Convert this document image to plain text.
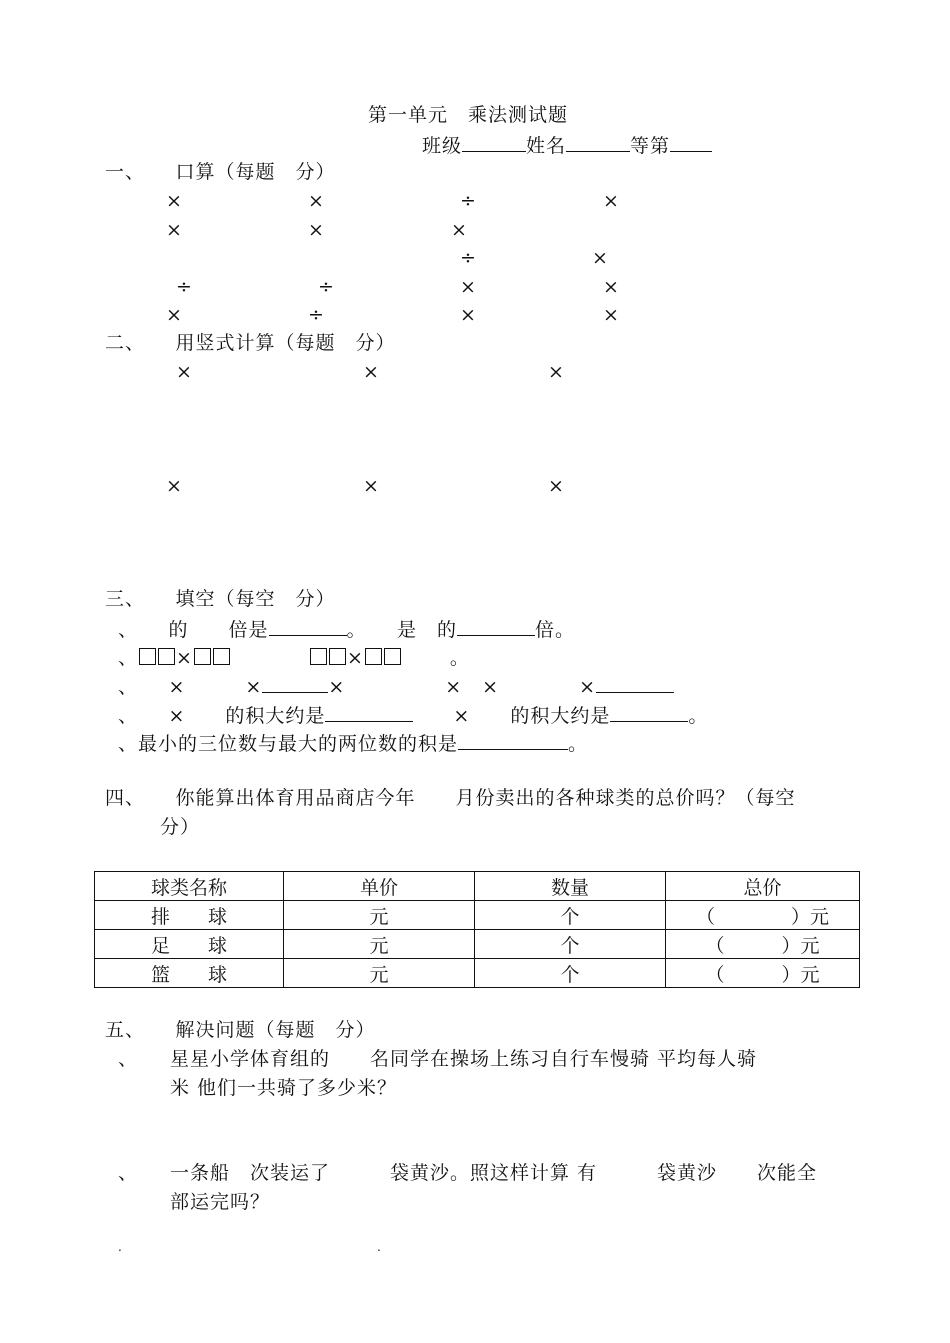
第一单元　乘法测试题
班级	姓名	等第
一、　　口算（每题　分）
×	×	÷	×
×	×	×
÷	×
÷	÷	×	×
×	÷	×	×
二、　　用竖式计算（每题　分）
×	×	×
×	×	×
三、　　填空（每空　分）
、　　的　　倍是	。　　是　的	倍。
、 ×	×	。
、　　×　　　×	×　　　　　×　×　　　　×
、　　×　　的积大约是	　　×　　的积大约是	。
、最小的三位数与最大的两位数的积是	。
四、　　你能算出体育用品商店今年　　月份卖出的各种球类的总价吗？（每空
分）
球类名称	单价	数量	总价
排　　球	元	个	（　　　　）元
足　　球	元	个	（　　　）元
篮　　球	元	个	（　　　）元
五、　　解决问题（每题　分）
、 星星小学体育组的　　名同学在操场上练习自行车慢骑 平均每人骑
米 他们一共骑了多少米？
、 一条船　次装运了　　　袋黄沙。照这样计算 有　　　袋黄沙　　次能全
部运完吗？
.	.
